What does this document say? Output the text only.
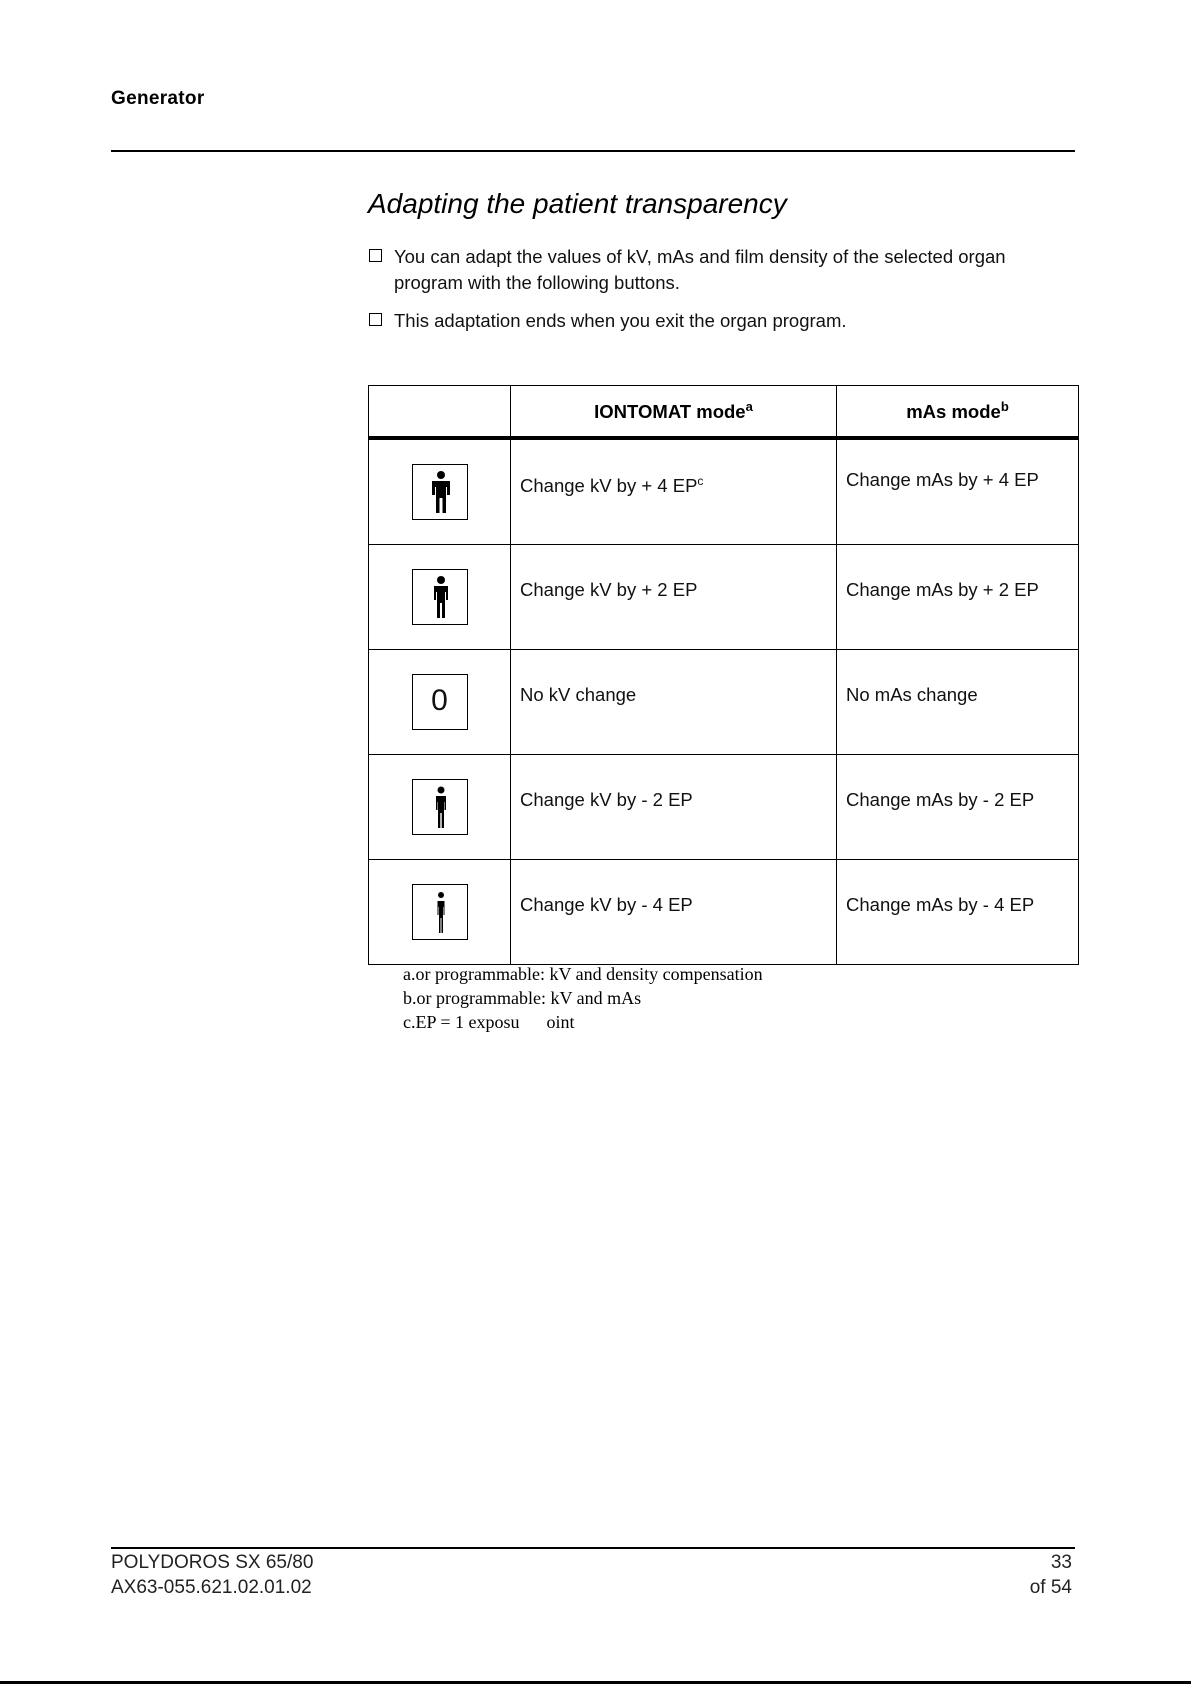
Generator
Adapting the patient transparency
You can adapt the values of kV, mAs and film density of the selected organ program with the following buttons.
This adaptation ends when you exit the organ program.
	IONTOMAT mode$^a$	mAs mode$^b$

	Change kV by + 4 $EP^c$	Change mAs by + 4 EP

	Change kV by + 2 EP	Change mAs by + 2 EP

0	No kV change	No mAs change

	Change kV by - 2 EP	Change mAs by - 2 EP

	Change kV by - 4 EP	Change mAs by - 4 EP
a.or programmable: kV and density compensation
b.or programmable: kV and mAs
c.EP = 1 exposu      oint
POLYDOROS SX 65/80
AX63-055.621.02.01.02
33
of 54
